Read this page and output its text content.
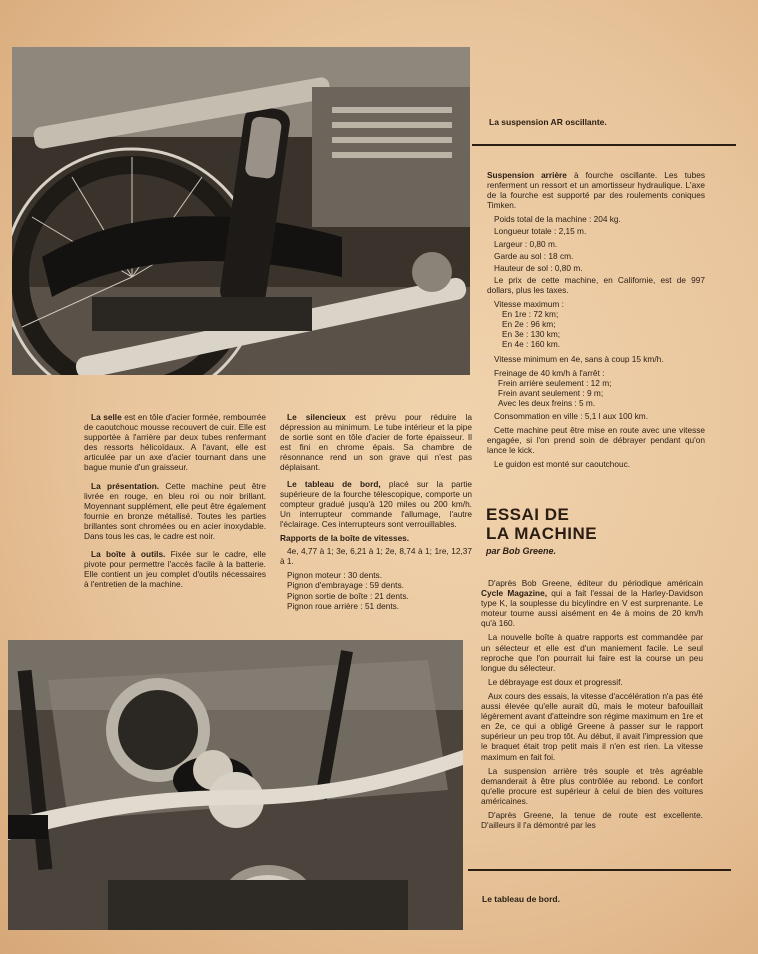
La suspension AR oscillante.

Suspension arrière à fourche oscillante. Les tubes renferment un ressort et un amortisseur hydraulique. L'axe de la fourche est supporté par des roulements coniques Timken.

Poids total de la machine : 204 kg.
Longueur totale : 2,15 m.
Largeur : 0,80 m.
Garde au sol : 18 cm.
Hauteur de sol : 0,80 m.

Le prix de cette machine, en Californie, est de 997 dollars, plus les taxes.

Vitesse maximum :
En 1re : 72 km;
En 2e : 96 km;
En 3e : 130 km;
En 4e : 160 km.

Vitesse minimum en 4e, sans à coup 15 km/h.

Freinage de 40 km/h à l'arrêt :
Frein arrière seulement : 12 m;
Frein avant seulement : 9 m;
Avec les deux freins : 5 m.

Consommation en ville : 5,1 l aux 100 km.

Cette machine peut être mise en route avec une vitesse engagée, si l'on prend soin de débrayer pendant qu'on lance le kick.

Le guidon est monté sur caoutchouc.

La selle est en tôle d'acier formée, rembourrée de caoutchouc mousse recouvert de cuir. Elle est supportée à l'arrière par deux tubes renfermant des ressorts hélicoïdaux. A l'avant, elle est articulée par un axe d'acier tournant dans une bague munie d'un graisseur.

La présentation. Cette machine peut être livrée en rouge, en bleu roi ou noir brillant. Moyennant supplément, elle peut être également fournie en bronze métallisé. Toutes les parties brillantes sont chromées ou en acier inoxydable. Dans tous les cas, le cadre est noir.

La boîte à outils. Fixée sur le cadre, elle pivote pour permettre l'accès facile à la batterie. Elle contient un jeu complet d'outils nécessaires à l'entretien de la machine.

Le silencieux est prévu pour réduire la dépression au minimum. Le tube intérieur et la pipe de sortie sont en tôle d'acier de forte épaisseur. Il est fini en chrome épais. Sa chambre de résonnance rend un son grave qui n'est pas déplaisant.

Le tableau de bord, placé sur la partie supérieure de la fourche télescopique, comporte un compteur gradué jusqu'à 120 miles ou 200 km/h. Un interrupteur commande l'allumage, l'autre l'éclairage. Ces interrupteurs sont verrouillables.

Rapports de la boîte de vitesses.

4e, 4,77 à 1; 3e, 6,21 à 1; 2e, 8,74 à 1; 1re, 12,37 à 1.

Pignon moteur : 30 dents.
Pignon d'embrayage : 59 dents.
Pignon sortie de boîte : 21 dents.
Pignon roue arrière : 51 dents.
ESSAI DE
LA MACHINE
par Bob Greene.

D'après Bob Greene, éditeur du périodique américain Cycle Magazine, qui a fait l'essai de la Harley-Davidson type K, la souplesse du bicylindre en V est surprenante. Le moteur tourne aussi aisément en 4e à moins de 20 km/h qu'à 160.

La nouvelle boîte à quatre rapports est commandée par un sélecteur et elle est d'un maniement facile. Le seul reproche que l'on pourrait lui faire est la course un peu longue du sélecteur.

Le débrayage est doux et progressif.

Aux cours des essais, la vitesse d'accélération n'a pas été aussi élevée qu'elle aurait dû, mais le moteur bafouillait légèrement avant d'atteindre son régime maximum en 1re et en 2e, ce qui a obligé Greene à passer sur le rapport supérieur un peu trop tôt. Au début, il avait l'impression que le braquet était trop petit mais il n'en est rien. La vitesse maximum en fait foi.

La suspension arrière très souple et très agréable demanderait à être plus contrôlée au rebond. Le confort qu'elle procure est supérieur à celui de bien des voitures américaines.

D'après Greene, la tenue de route est excellente. D'ailleurs il l'a démontré par les

Le tableau de bord.
